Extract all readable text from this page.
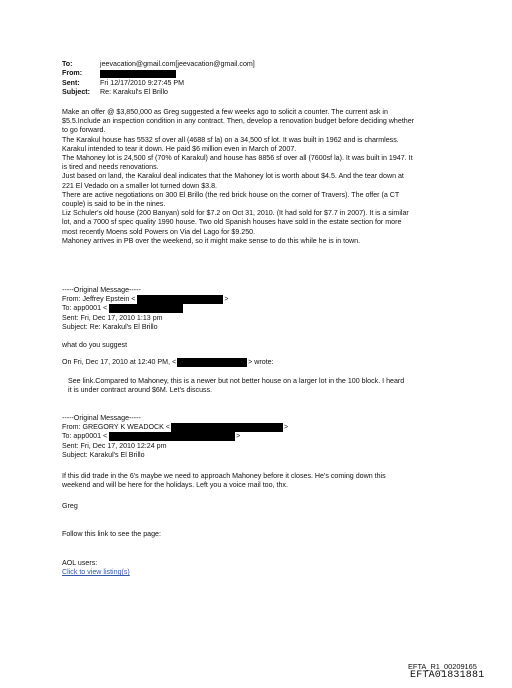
To:	jeevacation@gmail.com[jeevacation@gmail.com]
From:
Sent:	Fri 12/17/2010 9:27:45 PM
Subject:	Re: Karakul's El Brillo

Make an offer @ $3,850,000 as Greg suggested a few weeks ago to solicit a counter. The current ask in

$5.5.Include an inspection condition in any contract. Then, develop a renovation budget before deciding whether

to go forward.

The Karakul house has 5532 sf over all (4688 sf la) on a 34,500 sf lot. It was built in 1962 and is charmless.

Karakul intended to tear it down. He paid $6 million even in March of 2007.

The Mahoney lot is 24,500 sf (70% of Karakul) and house has 8856 sf over all (7600sf la). It was built in 1947. It

is tired and needs renovations.

Just based on land, the Karakul deal indicates that the Mahoney lot is worth about $4.5. And the tear down at

221 El Vedado on a smaller lot turned down $3.8.

There are active negotiations on 300 El Brillo (the red brick house on the corner of Travers). The offer (a CT

couple) is said to be in the nines.

Liz Schuler's old house (200 Banyan) sold for $7.2 on Oct 31, 2010. (It had sold for $7.7 in 2007). It is a similar

lot, and a 7000 sf spec quality 1990 house. Two old Spanish houses have sold in the estate section for more

most recently Moens sold Powers on Via del Lago for $9.250.

Mahoney arrives in PB over the weekend, so it might make sense to do this while he is in town.

-----Original Message-----
From: Jeffrey Epstein <	>
To: app0001 <
Sent: Fri, Dec 17, 2010 1:13 pm
Subject: Re: Karakul's El Brillo
what do you suggest
On Fri, Dec 17, 2010 at 12:40 PM, <	> wrote:
See link.Compared to Mahoney, this is a newer but not better house on a larger lot in the 100 block. I heard
it is under contract around $6M. Let's discuss.
-----Original Message-----
From: GREGORY K WEADOCK <	>
To: app0001 <	>
Sent: Fri, Dec 17, 2010 12:24 pm
Subject: Karakul's El Brillo
If this did trade in the 6's maybe we need to approach Mahoney before it closes. He's coming down this
weekend and will be here for the holidays. Left you a voice mail too, thx.
Greg
Follow this link to see the page:
AOL users:
Click to view listing(s)
EFTA_R1_00209165
EFTA01831881
